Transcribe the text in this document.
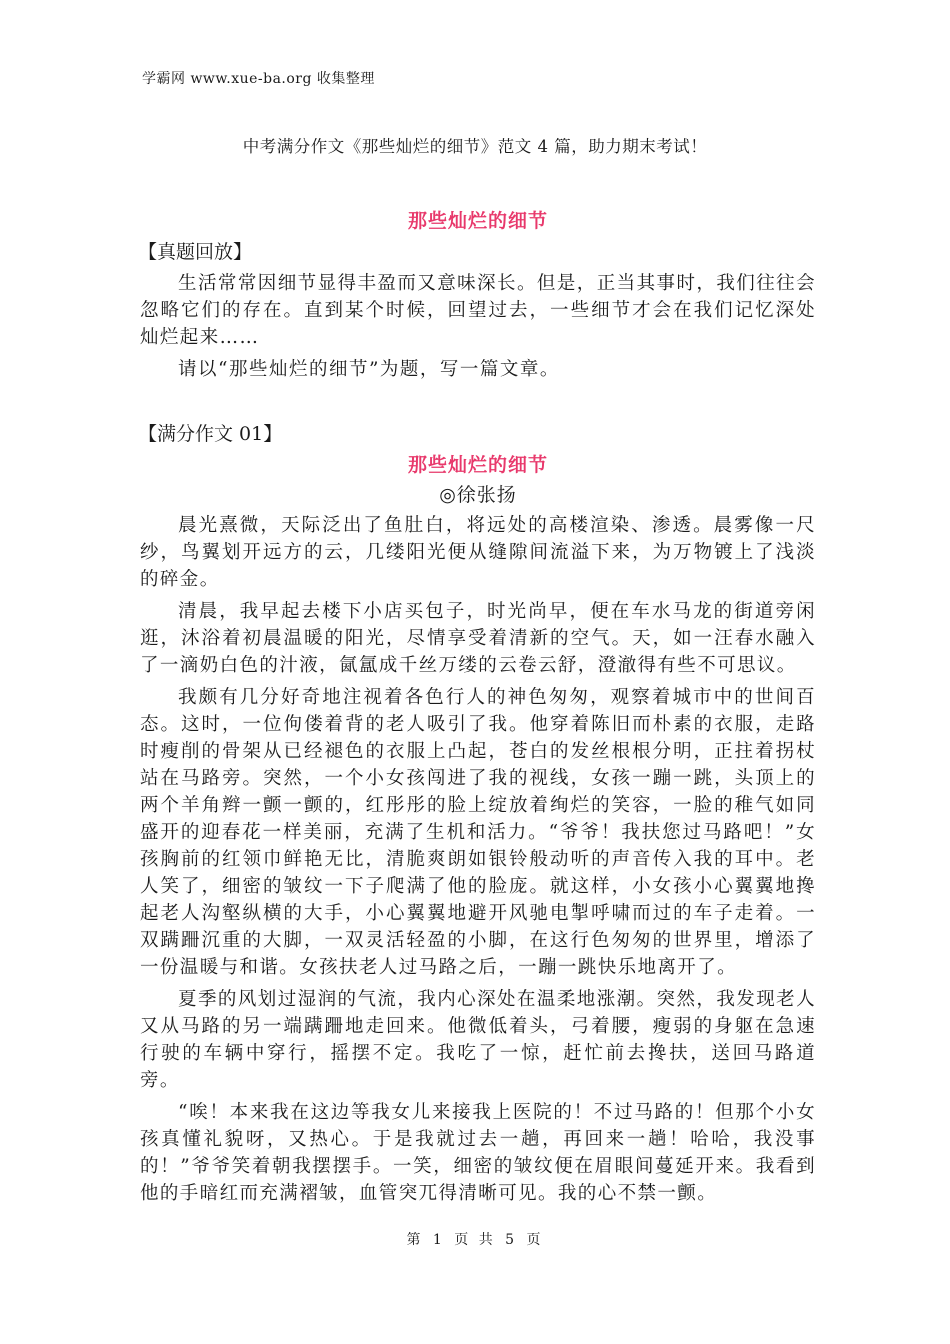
学霸网 www.xue-ba.org 收集整理
中考满分作文《那些灿烂的细节》范文 4 篇，助力期末考试！
那些灿烂的细节
【真题回放】

生活常常因细节显得丰盈而又意味深长。但是，正当其事时，我们往往会忽略它们的存在。直到某个时候，回望过去，一些细节才会在我们记忆深处灿烂起来……

请以“那些灿烂的细节”为题，写一篇文章。

【满分作文 01】
那些灿烂的细节
◎徐张扬

晨光熹微，天际泛出了鱼肚白，将远处的高楼渲染、渗透。晨雾像一尺纱，鸟翼划开远方的云，几缕阳光便从缝隙间流溢下来，为万物镀上了浅淡的碎金。

清晨，我早起去楼下小店买包子，时光尚早，便在车水马龙的街道旁闲逛，沐浴着初晨温暖的阳光，尽情享受着清新的空气。天，如一汪春水融入了一滴奶白色的汁液，氤氲成千丝万缕的云卷云舒，澄澈得有些不可思议。

我颇有几分好奇地注视着各色行人的神色匆匆，观察着城市中的世间百态。这时，一位佝偻着背的老人吸引了我。他穿着陈旧而朴素的衣服，走路时瘦削的骨架从已经褪色的衣服上凸起，苍白的发丝根根分明，正拄着拐杖站在马路旁。突然，一个小女孩闯进了我的视线，女孩一蹦一跳，头顶上的两个羊角辫一颤一颤的，红彤彤的脸上绽放着绚烂的笑容，一脸的稚气如同盛开的迎春花一样美丽，充满了生机和活力。“爷爷！我扶您过马路吧！”女孩胸前的红领巾鲜艳无比，清脆爽朗如银铃般动听的声音传入我的耳中。老人笑了，细密的皱纹一下子爬满了他的脸庞。就这样，小女孩小心翼翼地搀起老人沟壑纵横的大手，小心翼翼地避开风驰电掣呼啸而过的车子走着。一双蹒跚沉重的大脚，一双灵活轻盈的小脚，在这行色匆匆的世界里，增添了一份温暖与和谐。女孩扶老人过马路之后，一蹦一跳快乐地离开了。

夏季的风划过湿润的气流，我内心深处在温柔地涨潮。突然，我发现老人又从马路的另一端蹒跚地走回来。他微低着头，弓着腰，瘦弱的身躯在急速行驶的车辆中穿行，摇摆不定。我吃了一惊，赶忙前去搀扶，送回马路道旁。

“唉！本来我在这边等我女儿来接我上医院的！不过马路的！但那个小女孩真懂礼貌呀，又热心。于是我就过去一趟，再回来一趟！哈哈，我没事的！”爷爷笑着朝我摆摆手。一笑，细密的皱纹便在眉眼间蔓延开来。我看到他的手暗红而充满褶皱，血管突兀得清晰可见。我的心不禁一颤。

第 1 页 共 5 页
